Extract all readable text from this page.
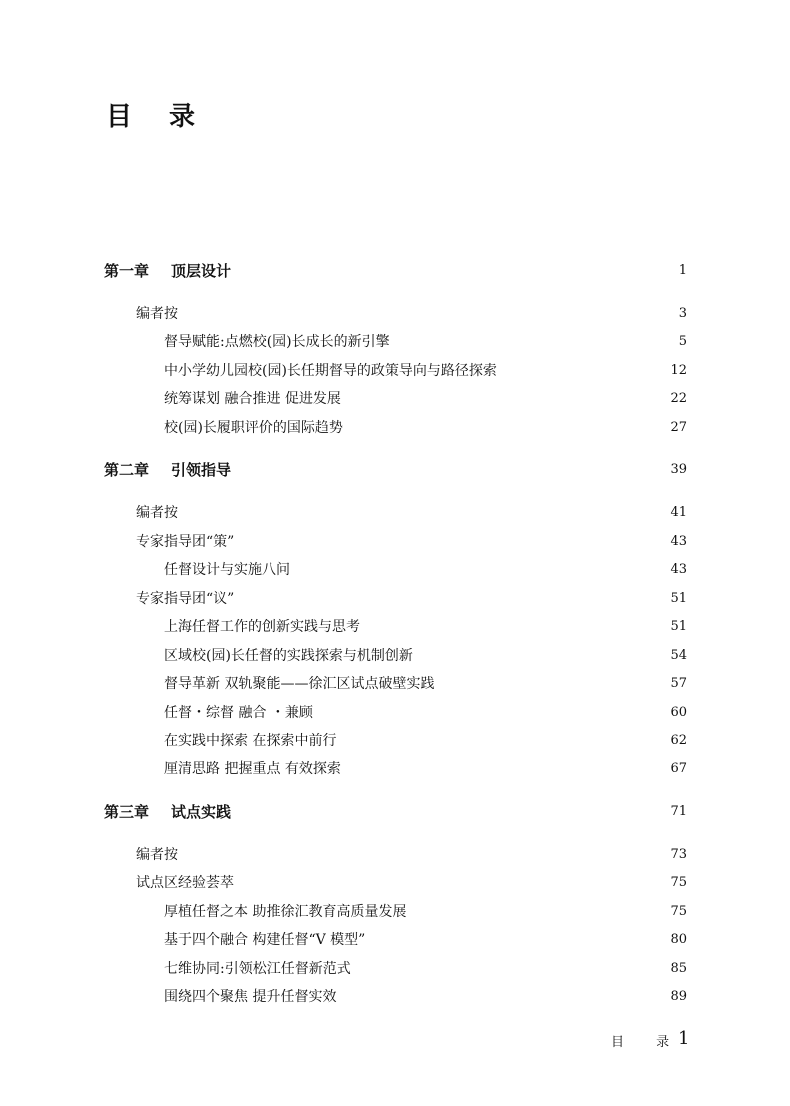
目 录
第一章 顶层设计	1
编者按	3
督导赋能:点燃校(园)长成长的新引擎	5
中小学幼儿园校(园)长任期督导的政策导向与路径探索	12
统筹谋划 融合推进 促进发展	22
校(园)长履职评价的国际趋势	27
第二章 引领指导	39
编者按	41
专家指导团“策”	43
任督设计与实施八问	43
专家指导团“议”	51
上海任督工作的创新实践与思考	51
区域校(园)长任督的实践探索与机制创新	54
督导革新 双轨聚能——徐汇区试点破壁实践	57
任督・综督 融合 ・兼顾	60
在实践中探索 在探索中前行	62
厘清思路 把握重点 有效探索	67
第三章 试点实践	71
编者按	73
试点区经验荟萃	75
厚植任督之本 助推徐汇教育高质量发展	75
基于四个融合 构建任督“V 模型”	80
七维协同:引领松江任督新范式	85
围绕四个聚焦 提升任督实效	89
目 录
1
